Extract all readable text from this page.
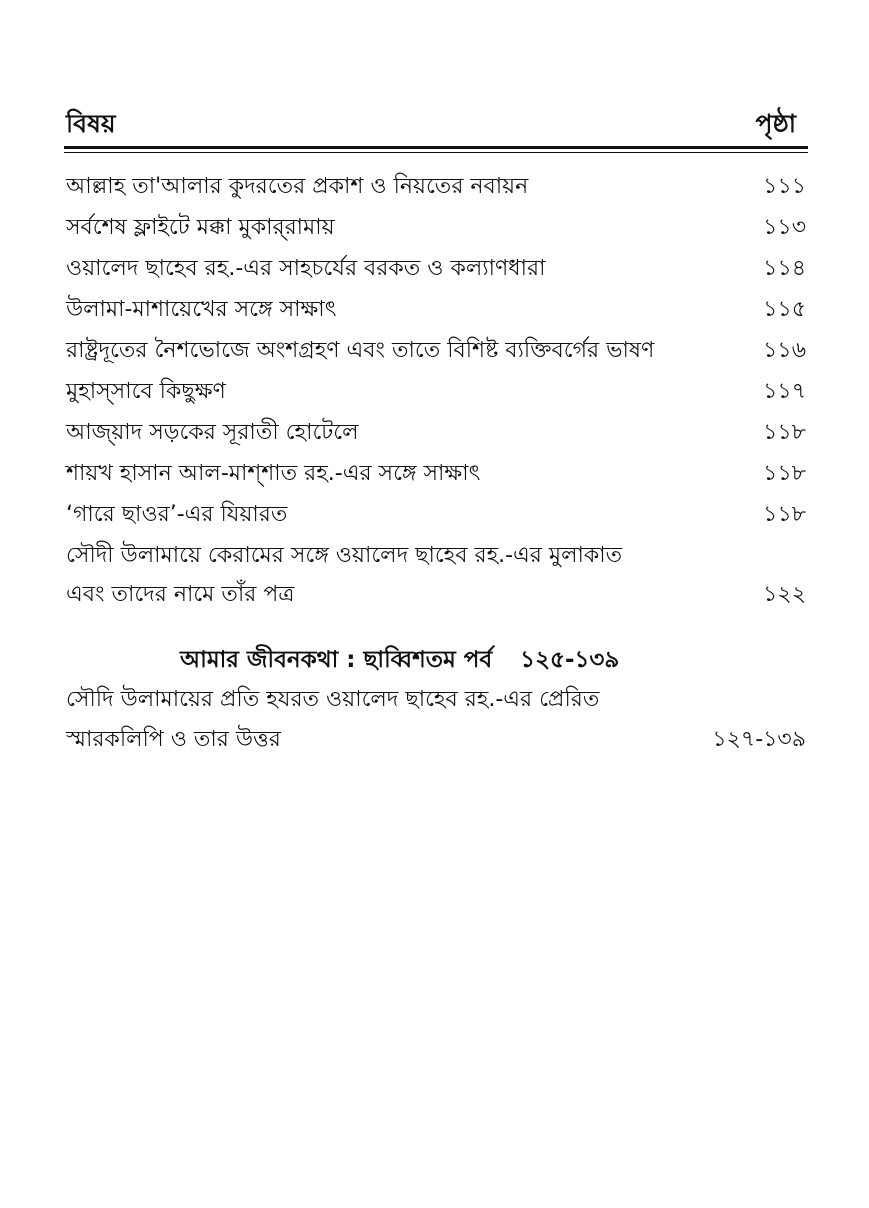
বিষয়	পৃষ্ঠা
আল্লাহ তা'আলার কুদরতের প্রকাশ ও নিয়তের নবায়ন	১১১
সর্বশেষ ফ্লাইটে মক্কা মুকার্‌রামায়	১১৩
ওয়ালেদ ছাহেব রহ.-এর সাহচর্যের বরকত ও কল্যাণধারা	১১৪
উলামা-মাশায়েখের সঙ্গে সাক্ষাৎ	১১৫
রাষ্ট্রদূতের নৈশভোজে অংশগ্রহণ এবং তাতে বিশিষ্ট ব্যক্তিবর্গের ভাষণ	১১৬
মুহাস্‌সাবে কিছুক্ষণ	১১৭
আজ্‌য়াদ সড়কের সূরাতী হোটেলে	১১৮
শায়খ হাসান আল-মাশ্‌শাত রহ.-এর সঙ্গে সাক্ষাৎ	১১৮
‘গারে ছাওর’-এর যিয়ারত	১১৮
সৌদী উলামায়ে কেরামের সঙ্গে ওয়ালেদ ছাহেব রহ.-এর মুলাকাত
এবং তাদের নামে তাঁর পত্র	১২২
আমার জীবনকথা : ছাব্বিশতম পর্ব ১২৫-১৩৯
সৌদি উলামায়ের প্রতি হযরত ওয়ালেদ ছাহেব রহ.-এর প্রেরিত
স্মারকলিপি ও তার উত্তর	১২৭-১৩৯
